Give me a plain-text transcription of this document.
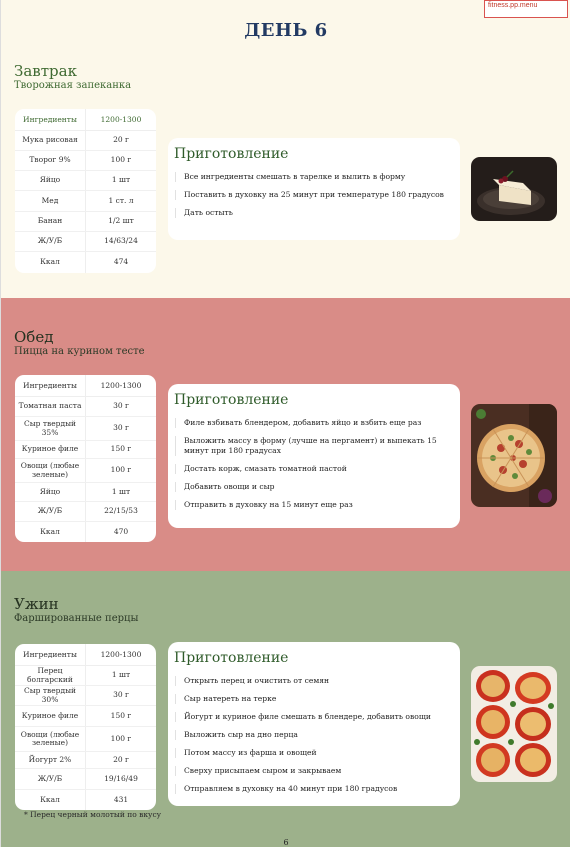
ДЕНЬ 6
Завтрак
Творожная запеканка
Ингредиенты	1200-1300
Мука рисовая	20 г
Творог 9%	100 г
Яйцо	1 шт
Мед	1 ст. л
Банан	1/2 шт
Ж/У/Б	14/63/24
Ккал	474
Приготовление
Все ингредиенты смешать в тарелке и вылить в форму
Поставить в духовку на 25 минут при температуре 180 градусов
Дать остыть
Обед
Пицца на курином тесте
Ингредиенты	1200-1300
Томатная паста	30 г
Сыр твердый 35%	30 г
Куриное филе	150 г
Овощи (любые зеленые)	100 г
Яйцо	1 шт
Ж/У/Б	22/15/53
Ккал	470
Приготовление
Филе взбивать блендером, добавить яйцо и взбить еще раз
Выложить массу в форму (лучше на пергамент) и выпекать 15 минут при 180 градусах
Достать корж, смазать томатной пастой
Добавить овощи и сыр
Отправить в духовку на 15 минут еще раз
Ужин
Фаршированные перцы
Ингредиенты	1200-1300
Перец болгарский	1 шт
Сыр твердый 30%	30 г
Куриное филе	150 г
Овощи (любые зеленые)	100 г
Йогурт 2%	20 г
Ж/У/Б	19/16/49
Ккал	431
Приготовление
Открыть перец и очистить от семян
Сыр натереть на терке
Йогурт и куриное филе смешать в блендере, добавить овощи
Выложить сыр на дно перца
Потом массу из фарша и овощей
Сверху присыпаем сыром и закрываем
Отправляем в духовку на 40 минут при 180 градусов
* Перец черный молотый по вкусу
6
fitness.pp.menu
